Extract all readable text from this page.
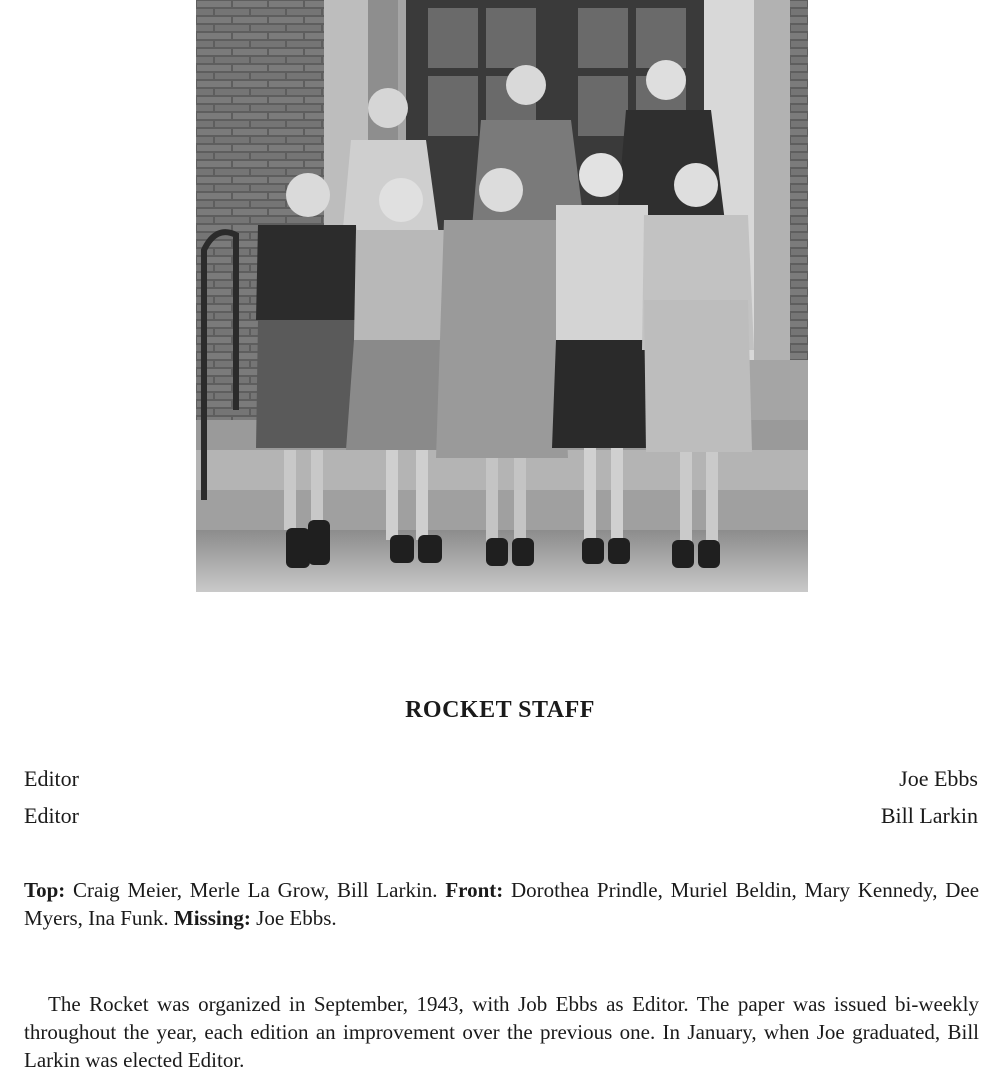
ROCKET STAFF
Editor	Joe Ebbs
Editor	Bill Larkin
Top: Craig Meier, Merle La Grow, Bill Larkin. Front: Dorothea Prindle, Muriel Beldin, Mary Kennedy, Dee Myers, Ina Funk. Missing: Joe Ebbs.
The Rocket was organized in September, 1943, with Job Ebbs as Editor. The paper was issued bi-weekly throughout the year, each edition an improvement over the previous one. In January, when Joe graduated, Bill Larkin was elected Editor.
